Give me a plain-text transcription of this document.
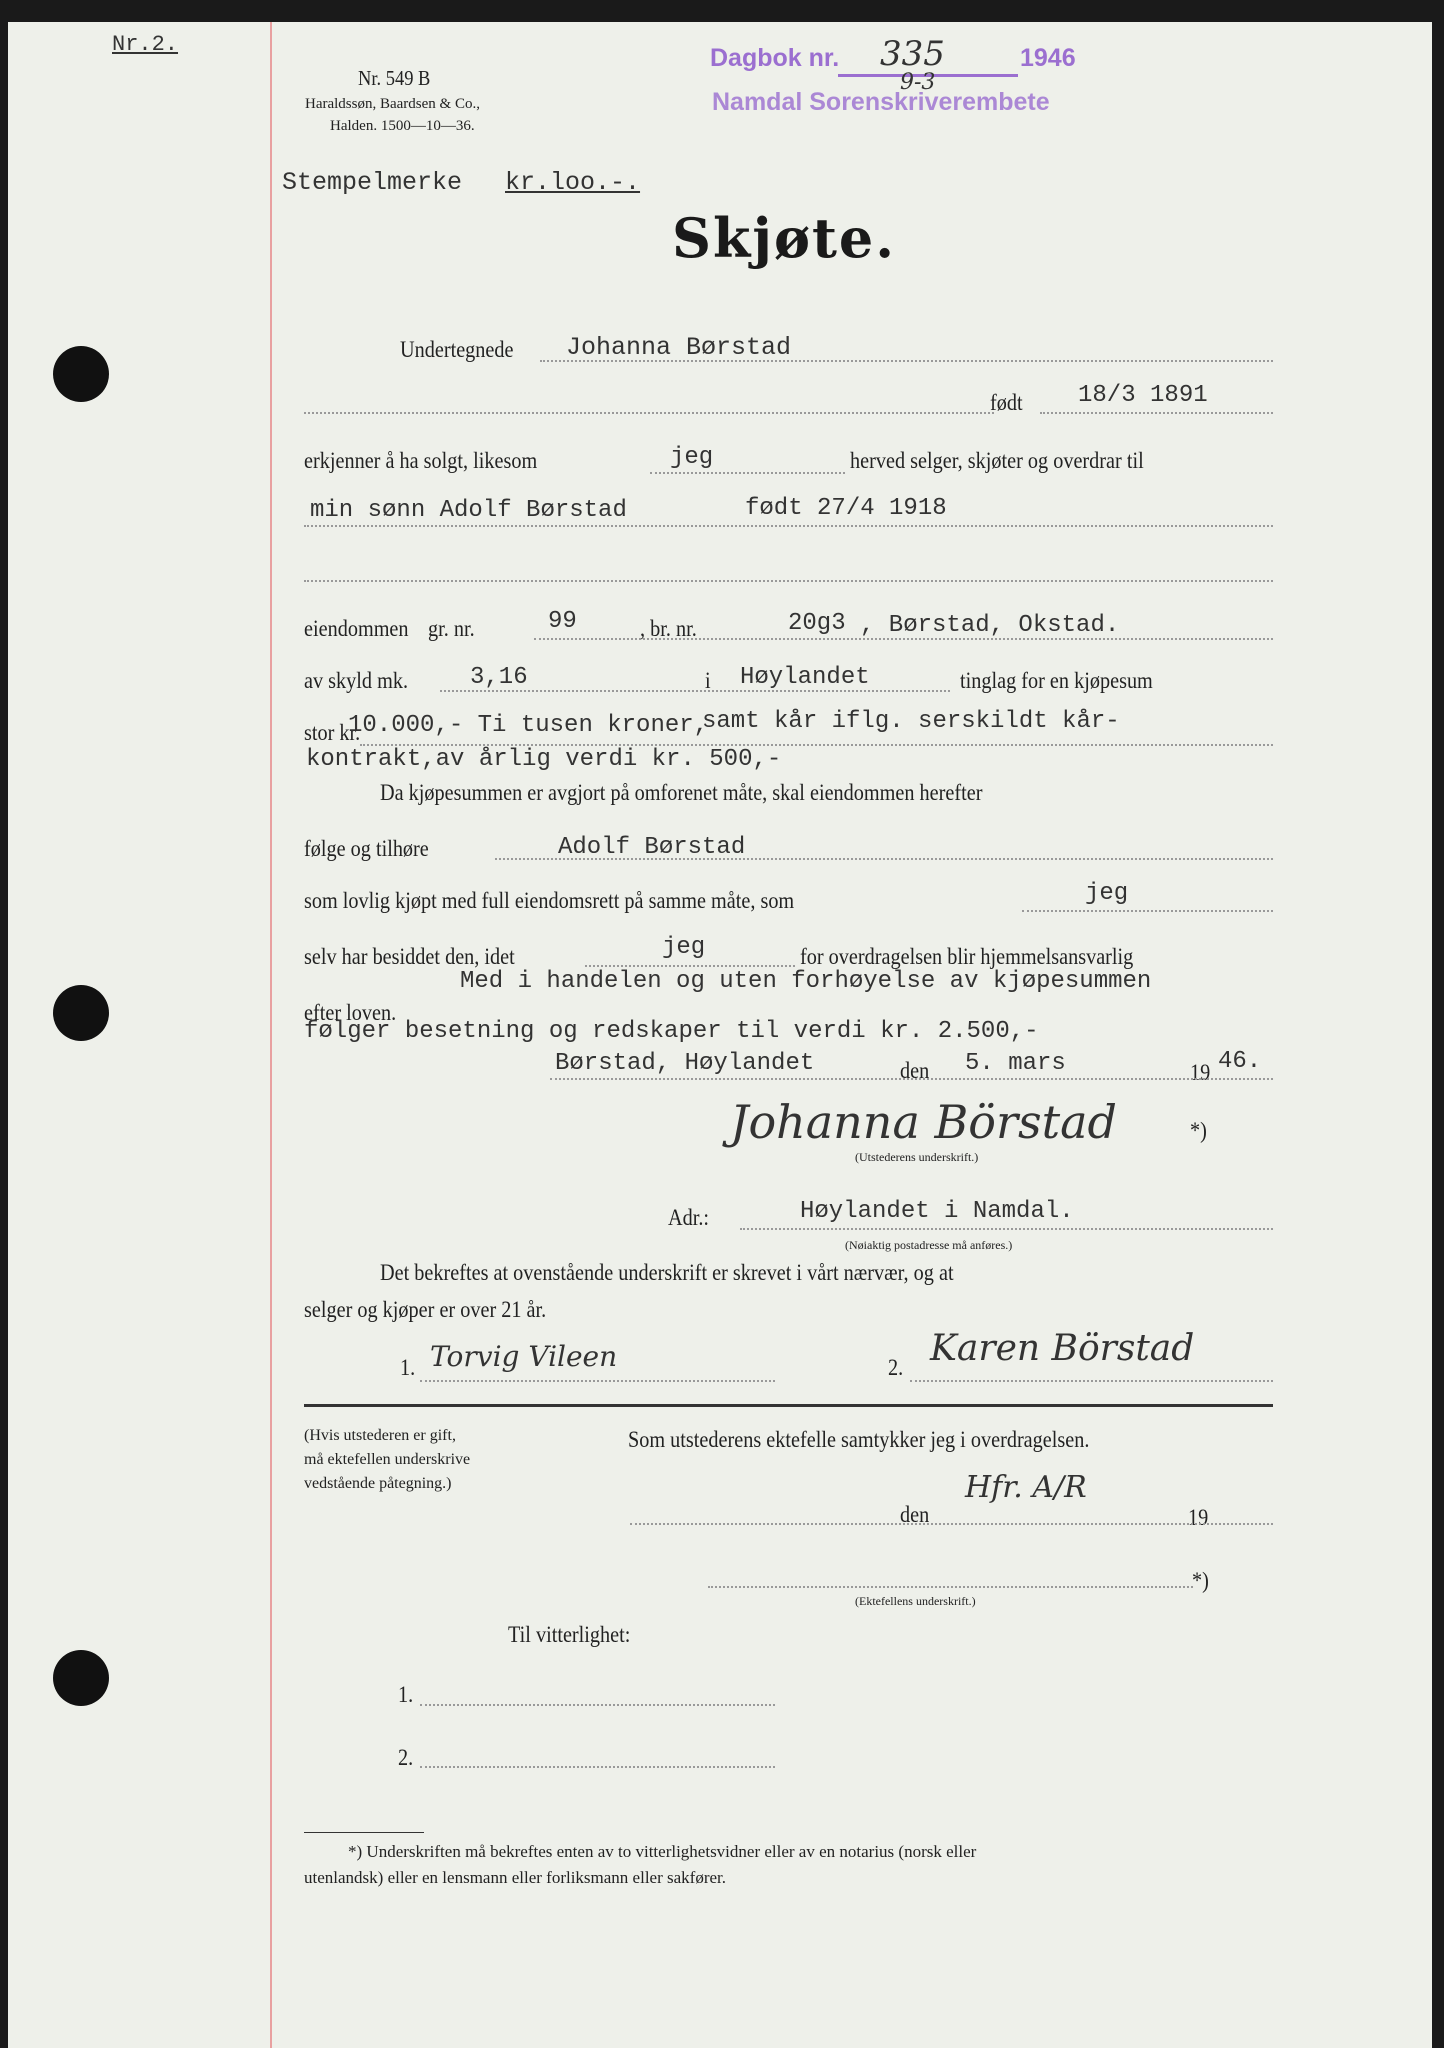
Nr.2.
Nr. 549 B
Haraldssøn, Baardsen & Co.,
Halden. 1500—10—36.
Dagbok nr. 335	1946
9-3
Namdal Sorenskriverembete
Stempelmerke kr.loo.-.
Skjøte.
Undertegnede Johanna Børstad
født 18/3 1891
erkjenner å ha solgt, likesom	jeg	herved selger, skjøter og overdrar til
min sønn Adolf Børstad	født 27/4 1918
eiendommen gr. nr.	99	, br. nr.	20g3 , Børstad, Okstad.
av skyld mk.	3,16	i Høylandet	tinglag for en kjøpesum
stor kr.
10.000,- Ti tusen kroner,
samt kår iflg. serskildt kår-
kontrakt,av årlig verdi kr. 500,-
Da kjøpesummen er avgjort på omforenet måte, skal eiendommen herefter
følge og tilhøre	Adolf Børstad
som lovlig kjøpt med full eiendomsrett på samme måte, som	jeg
selv har besiddet den, idet	jeg	for overdragelsen blir hjemmelsansvarlig
Med i handelen og uten forhøyelse av kjøpesummen
efter loven.
følger besetning og redskaper til verdi kr. 2.500,-
Børstad, Høylandet	den 5. mars	19 46.
Johanna Börstad	*)
(Utstederens underskrift.)
Adr.:	Høylandet i Namdal.
(Nøiaktig postadresse må anføres.)
Det bekreftes at ovenstående underskrift er skrevet i vårt nærvær, og at
selger og kjøper er over 21 år.
1. Torvig Vileen	2. Karen Börstad
(Hvis utstederen er gift,
må ektefellen underskrive
vedstående påtegning.)
Som utstederens ektefelle samtykker jeg i overdragelsen.
den
Hfr. A/R
19
*)
(Ektefellens underskrift.)
Til vitterlighet:
1.
2.
*) Underskriften må bekreftes enten av to vitterlighetsvidner eller av en notarius (norsk eller
utenlandsk) eller en lensmann eller forliksmann eller sakfører.
